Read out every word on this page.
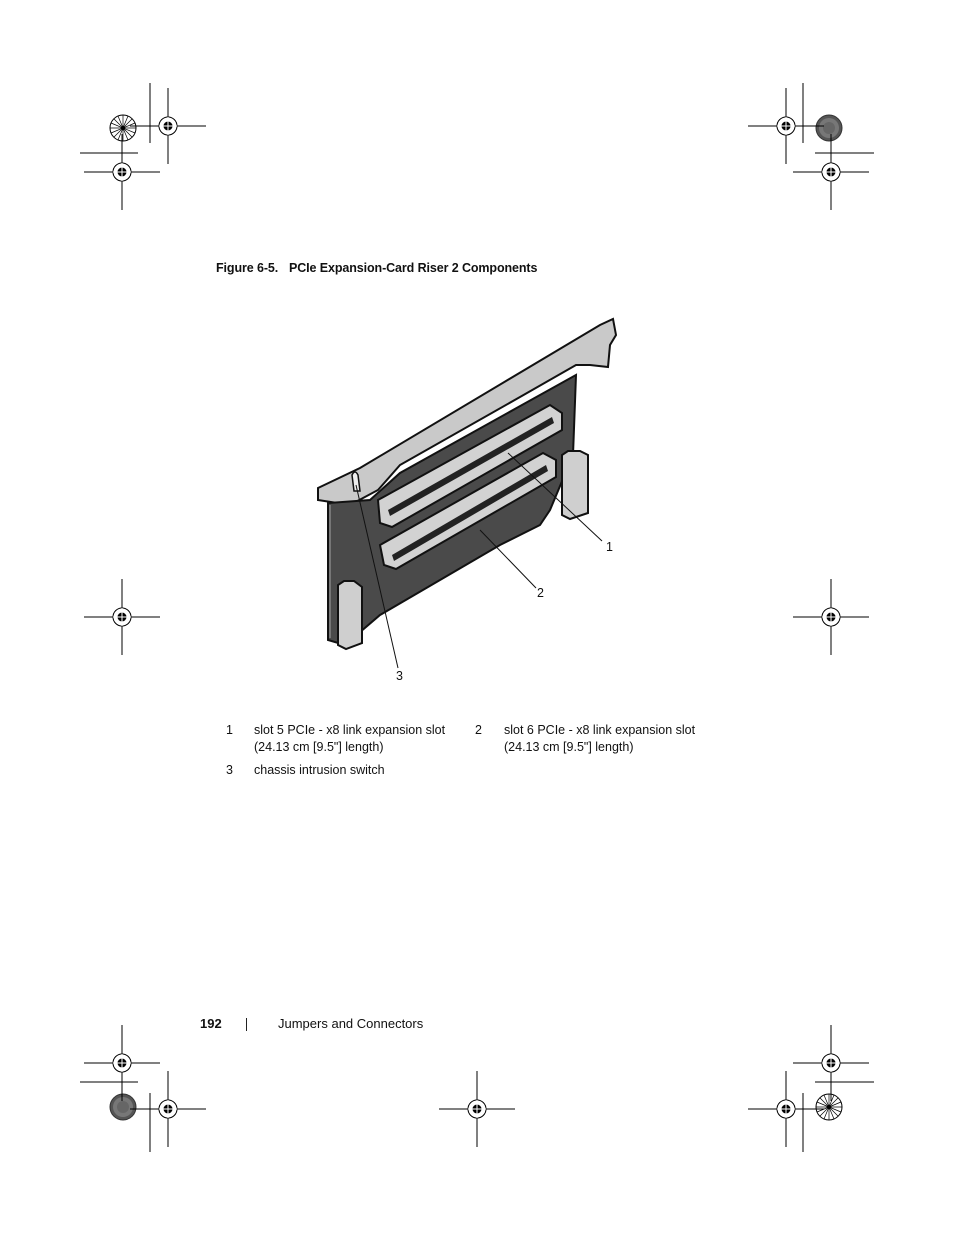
Figure 6-5. PCIe Expansion-Card Riser 2 Components
1
2
3
1 slot 5 PCIe - x8 link expansion slot (24.13 cm [9.5"] length)
2 slot 6 PCIe - x8 link expansion slot (24.13 cm [9.5"] length)
3 chassis intrusion switch
192	Jumpers and Connectors
